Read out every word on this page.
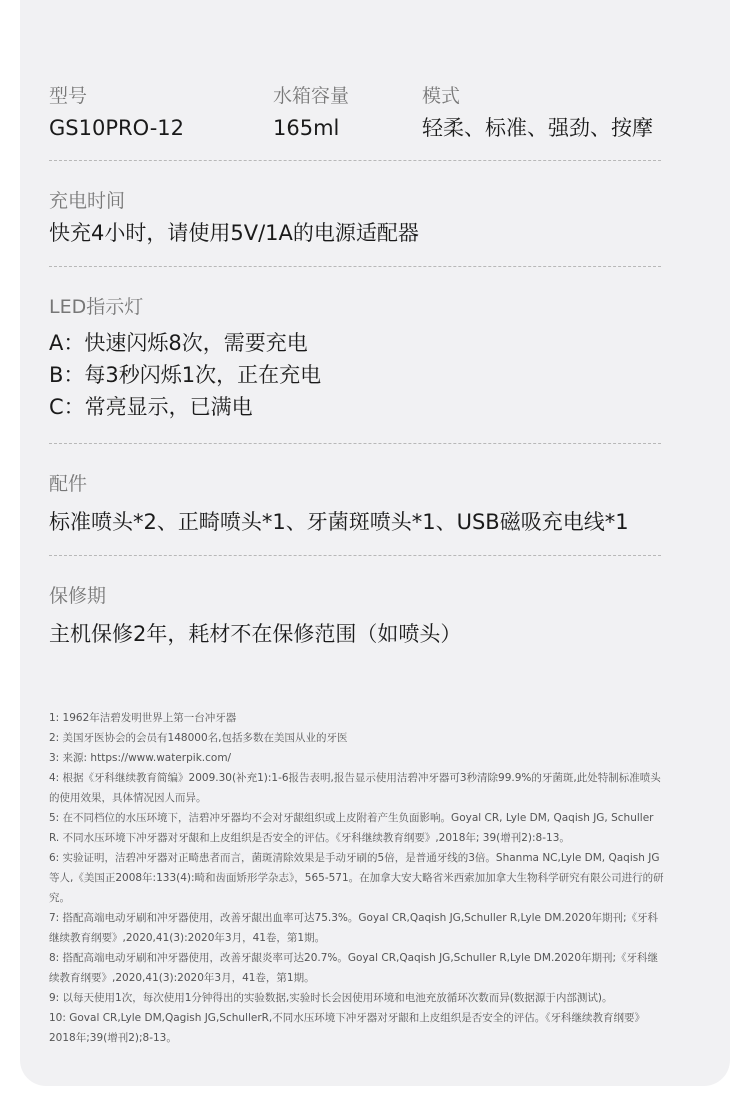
型号
GS10PRO-12
水箱容量
165ml
模式
轻柔、标准、强劲、按摩
充电时间
快充4小时，请使用5V/1A的电源适配器
LED指示灯
A：快速闪烁8次，需要充电
B：每3秒闪烁1次，正在充电
C：常亮显示，已满电
配件
标准喷头*2、正畸喷头*1、牙菌斑喷头*1、USB磁吸充电线*1
保修期
主机保修2年，耗材不在保修范围（如喷头）

1: 1962年洁碧发明世界上第一台冲牙器

2: 美国牙医协会的会员有148000名,包括多数在美国从业的牙医

3: 来源: https://www.waterpik.com/

4: 根据《牙科继续教育简编》2009.30(补充1):1-6报告表明,报告显示使用洁碧冲牙器可3秒清除99.9%的牙菌斑,此处特制标准喷头的使用效果，具体情况因人而异。

5: 在不同档位的水压环境下，洁碧冲牙器均不会对牙龈组织或上皮附着产生负面影响。Goyal CR, Lyle DM, Qaqish JG, Schuller R. 不同水压环境下冲牙器对牙龈和上皮组织是否安全的评估。《牙科继续教育纲要》,2018年; 39(增刊2):8-13。

6: 实验证明，洁碧冲牙器对正畸患者而言，菌斑清除效果是手动牙刷的5倍，是普通牙线的3倍。Shanma NC,Lyle DM, Qaqish JG等人,《美国正2008年:133(4):畸和齿面矫形学杂志》，565-571。在加拿大安大略省米西索加加拿大生物科学研究有限公司进行的研究。

7: 搭配高端电动牙刷和冲牙器使用，改善牙龈出血率可达75.3%。Goyal CR,Qaqish JG,Schuller R,Lyle DM.2020年期刊;《牙科继续教育纲要》,2020,41(3):2020年3月，41卷，第1期。

8: 搭配高端电动牙刷和冲牙器使用，改善牙龈炎率可达20.7%。Goyal CR,Qaqish JG,Schuller R,Lyle DM.2020年期刊;《牙科继续教育纲要》,2020,41(3):2020年3月，41卷，第1期。

9: 以每天使用1次，每次使用1分钟得出的实验数据,实验时长会因使用环境和电池充放循环次数而异(数据源于内部测试)。

10: Goval CR,Lyle DM,Qagish JG,SchullerR,不同水压环境下冲牙器对牙龈和上皮组织是否安全的评估。《牙科继续教育纲要》2018年;39(增刊2);8-13。
